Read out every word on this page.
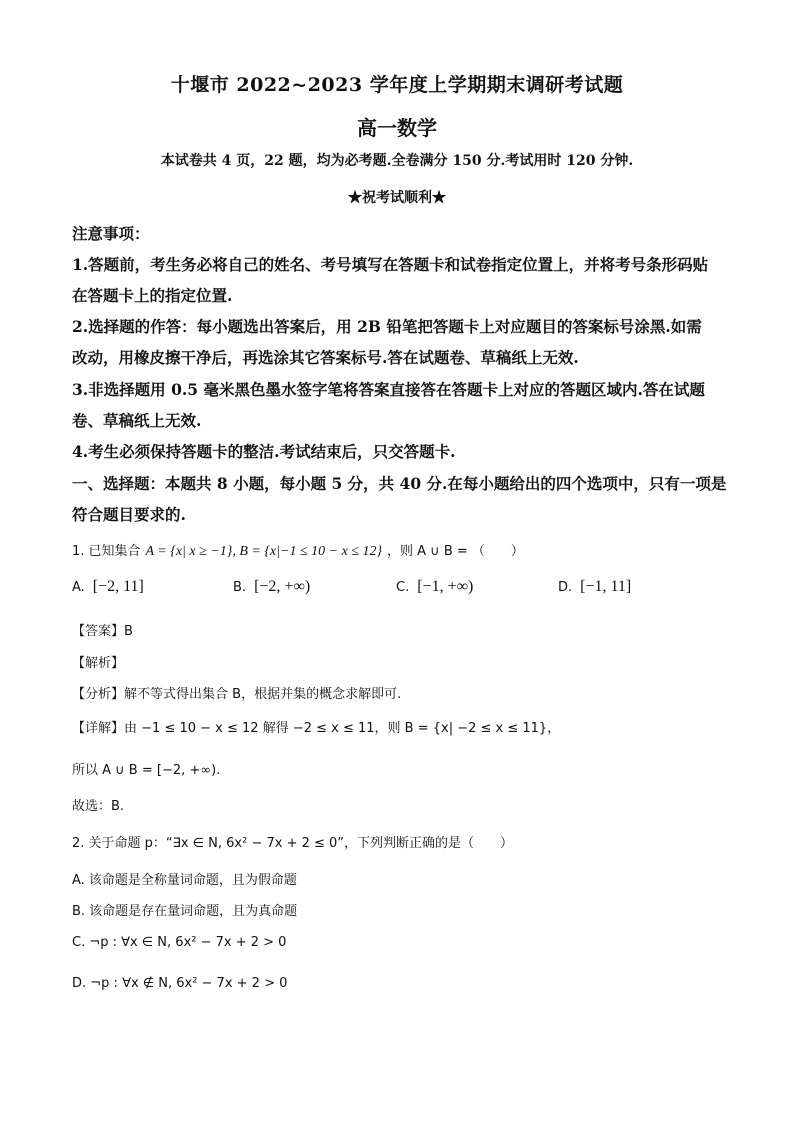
十堰市 2022~2023 学年度上学期期末调研考试题
高一数学
本试卷共 4 页，22 题，均为必考题.全卷满分 150 分.考试用时 120 分钟.
★祝考试顺利★
注意事项：
1.答题前，考生务必将自己的姓名、考号填写在答题卡和试卷指定位置上，并将考号条形码贴
在答题卡上的指定位置.
2.选择题的作答：每小题选出答案后，用 2B 铅笔把答题卡上对应题目的答案标号涂黑.如需
改动，用橡皮擦干净后，再选涂其它答案标号.答在试题卷、草稿纸上无效.
3.非选择题用 0.5 毫米黑色墨水签字笔将答案直接答在答题卡上对应的答题区域内.答在试题
卷、草稿纸上无效.
4.考生必须保持答题卡的整洁.考试结束后，只交答题卡.
一、选择题：本题共 8 小题，每小题 5 分，共 40 分.在每小题给出的四个选项中，只有一项是
符合题目要求的.
1. 已知集合 A = {x| x ≥ −1}, B = {x|−1 ≤ 10 − x ≤ 12} ，则 A ∪ B = （　　）
A. [−2, 11]	B. [−2, +∞)	C. [−1, +∞)	D. [−1, 11]
【答案】B
【解析】
【分析】解不等式得出集合 B，根据并集的概念求解即可.
【详解】由 −1 ≤ 10 − x ≤ 12 解得 −2 ≤ x ≤ 11，则 B = {x| −2 ≤ x ≤ 11}，
所以 A ∪ B = [−2, +∞).
故选：B.
2. 关于命题 p：“∃x ∈ N, 6x² − 7x + 2 ≤ 0”，下列判断正确的是（　　）
A. 该命题是全称量词命题，且为假命题
B. 该命题是存在量词命题，且为真命题
C. ¬p : ∀x ∈ N, 6x² − 7x + 2 > 0
D. ¬p : ∀x ∉ N, 6x² − 7x + 2 > 0
